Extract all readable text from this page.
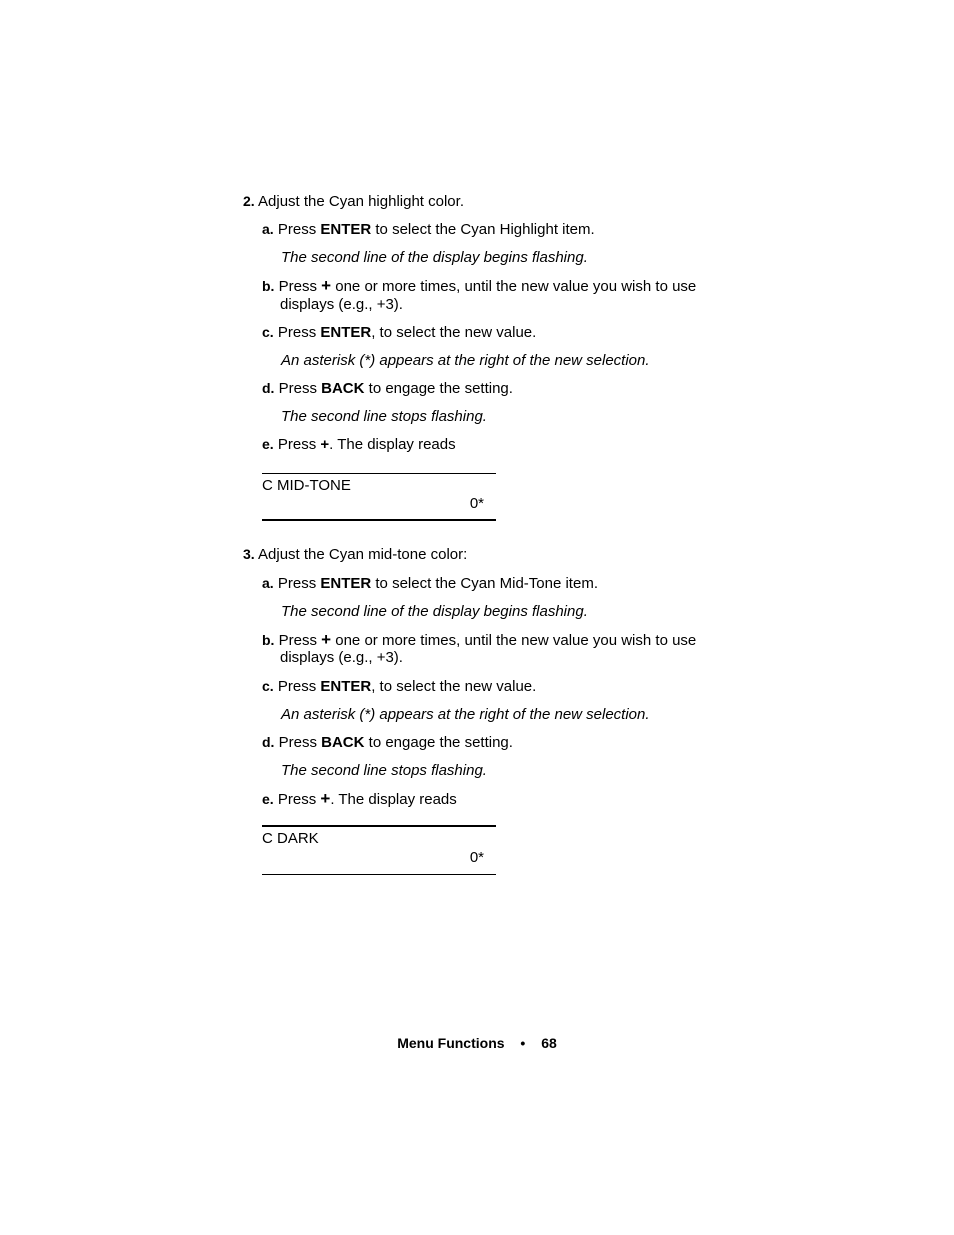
2. Adjust the Cyan highlight color.
a. Press ENTER to select the Cyan Highlight item.
The second line of the display begins flashing.
b. Press + one or more times, until the new value you wish to use
displays (e.g., +3).
c. Press ENTER, to select the new value.
An asterisk (*) appears at the right of the new selection.
d. Press BACK to engage the setting.
The second line stops flashing.
e. Press +. The display reads
C MID-TONE
0*
3. Adjust the Cyan mid-tone color:
a. Press ENTER to select the Cyan Mid-Tone item.
The second line of the display begins flashing.
b. Press + one or more times, until the new value you wish to use
displays (e.g., +3).
c. Press ENTER, to select the new value.
An asterisk (*) appears at the right of the new selection.
d. Press BACK to engage the setting.
The second line stops flashing.
e. Press +. The display reads
C DARK
0*
Menu Functions • 68
